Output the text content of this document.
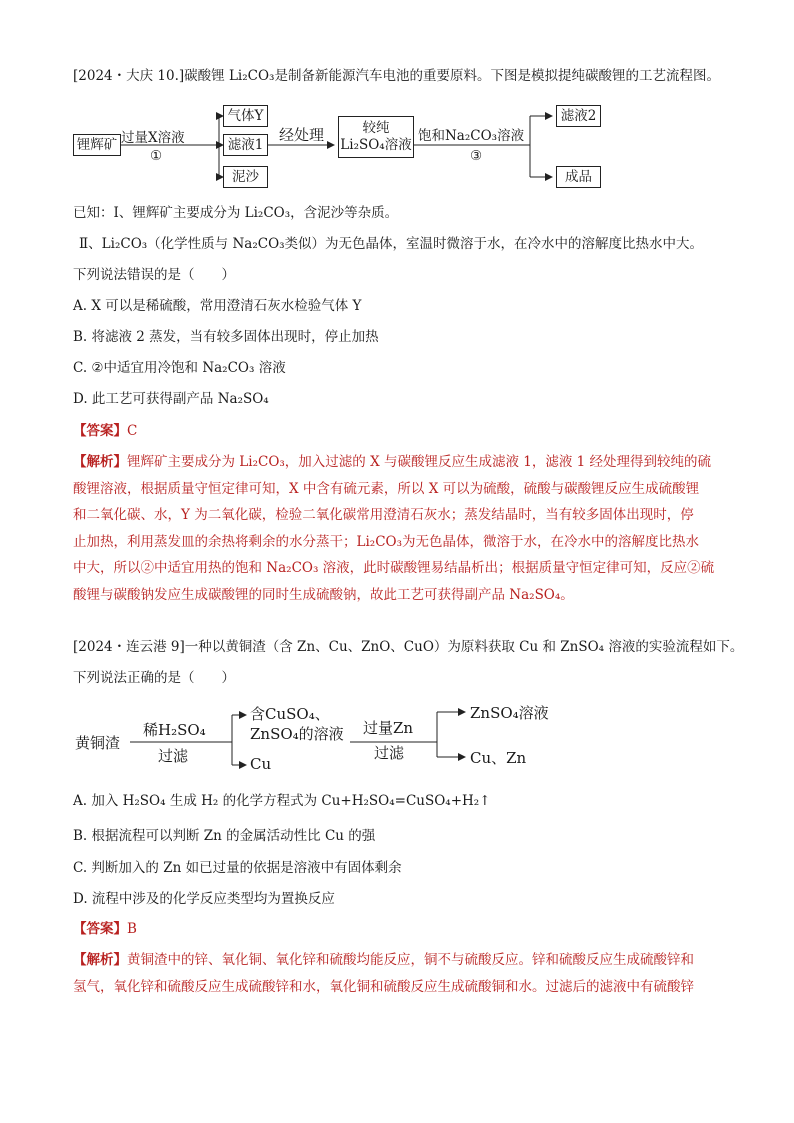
[2024・大庆 10.]碳酸锂 Li₂CO₃是制备新能源汽车电池的重要原料。下图是模拟提纯碳酸锂的工艺流程图。
锂辉矿 过量X溶液
①
气体Y
滤液1
泥沙
经处理	较纯
Li₂SO₄溶液
饱和Na₂CO₃溶液
③
滤液2
成品
已知：Ⅰ、锂辉矿主要成分为 Li₂CO₃，含泥沙等杂质。
Ⅱ、Li₂CO₃（化学性质与 Na₂CO₃类似）为无色晶体，室温时微溶于水，在冷水中的溶解度比热水中大。
下列说法错误的是（　　）
A. X 可以是稀硫酸，常用澄清石灰水检验气体 Y
B. 将滤液 2 蒸发，当有较多固体出现时，停止加热
C. ②中适宜用冷饱和 Na₂CO₃ 溶液
D. 此工艺可获得副产品 Na₂SO₄
【答案】C
【解析】锂辉矿主要成分为 Li₂CO₃，加入过滤的 X 与碳酸锂反应生成滤液 1，滤液 1 经处理得到较纯的硫
酸锂溶液，根据质量守恒定律可知，X 中含有硫元素，所以 X 可以为硫酸，硫酸与碳酸锂反应生成硫酸锂
和二氧化碳、水，Y 为二氧化碳，检验二氧化碳常用澄清石灰水；蒸发结晶时，当有较多固体出现时，停
止加热，利用蒸发皿的余热将剩余的水分蒸干；Li₂CO₃为无色晶体，微溶于水，在冷水中的溶解度比热水
中大，所以②中适宜用热的饱和 Na₂CO₃ 溶液，此时碳酸锂易结晶析出；根据质量守恒定律可知，反应②硫
酸锂与碳酸钠发应生成碳酸锂的同时生成硫酸钠，故此工艺可获得副产品 Na₂SO₄。
[2024・连云港 9]一种以黄铜渣（含 Zn、Cu、ZnO、CuO）为原料获取 Cu 和 ZnSO₄ 溶液的实验流程如下。
下列说法正确的是（　　）
黄铜渣
稀H₂SO₄
过滤
含CuSO₄、
ZnSO₄的溶液
Cu
过量Zn
过滤
ZnSO₄溶液
Cu、Zn
A. 加入 H₂SO₄ 生成 H₂ 的化学方程式为 Cu+H₂SO₄=CuSO₄+H₂↑
B. 根据流程可以判断 Zn 的金属活动性比 Cu 的强
C. 判断加入的 Zn 如已过量的依据是溶液中有固体剩余
D. 流程中涉及的化学反应类型均为置换反应
【答案】B
【解析】黄铜渣中的锌、氧化铜、氧化锌和硫酸均能反应，铜不与硫酸反应。锌和硫酸反应生成硫酸锌和
氢气，氧化锌和硫酸反应生成硫酸锌和水，氧化铜和硫酸反应生成硫酸铜和水。过滤后的滤液中有硫酸锌
